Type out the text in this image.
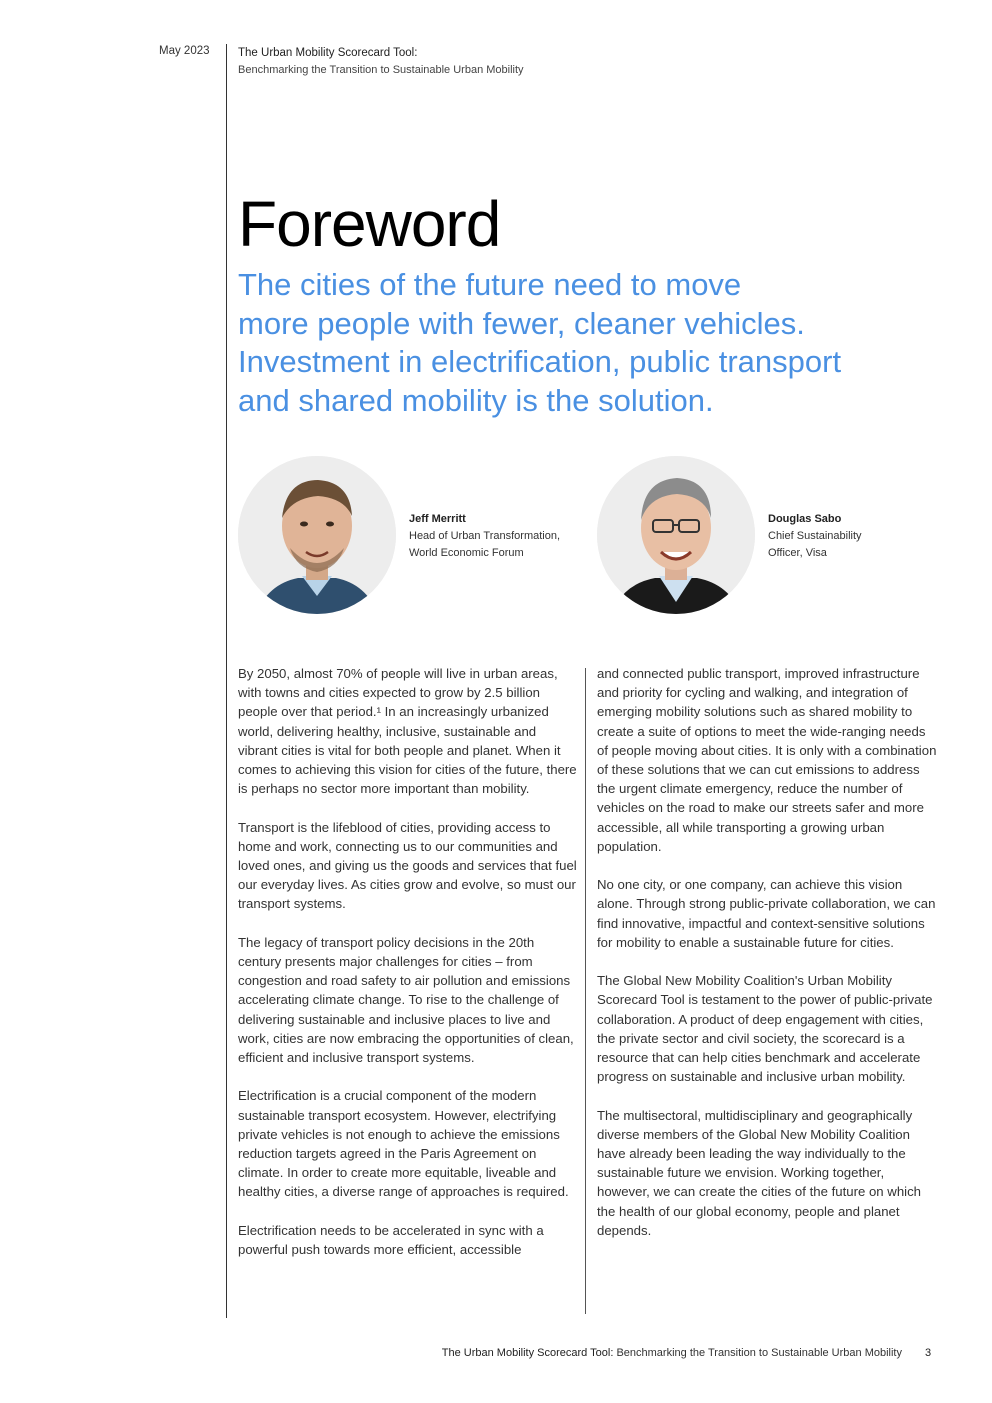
May 2023 The Urban Mobility Scorecard Tool:
Benchmarking the Transition to Sustainable Urban Mobility
Foreword
The cities of the future need to move
more people with fewer, cleaner vehicles.
Investment in electrification, public transport
and shared mobility is the solution.
Jeff Merritt
Head of Urban Transformation,
World Economic Forum
Douglas Sabo
Chief Sustainability
Officer, Visa

By 2050, almost 70% of people will live in urban areas, with towns and cities expected to grow by 2.5 billion people over that period.¹ In an increasingly urbanized world, delivering healthy, inclusive, sustainable and vibrant cities is vital for both people and planet. When it comes to achieving this vision for cities of the future, there is perhaps no sector more important than mobility.

Transport is the lifeblood of cities, providing access to home and work, connecting us to our communities and loved ones, and giving us the goods and services that fuel our everyday lives. As cities grow and evolve, so must our transport systems.

The legacy of transport policy decisions in the 20th century presents major challenges for cities – from congestion and road safety to air pollution and emissions accelerating climate change. To rise to the challenge of delivering sustainable and inclusive places to live and work, cities are now embracing the opportunities of clean, efficient and inclusive transport systems.

Electrification is a crucial component of the modern sustainable transport ecosystem. However, electrifying private vehicles is not enough to achieve the emissions reduction targets agreed in the Paris Agreement on climate. In order to create more equitable, liveable and healthy cities, a diverse range of approaches is required.

Electrification needs to be accelerated in sync with a powerful push towards more efficient, accessible

and connected public transport, improved infrastructure and priority for cycling and walking, and integration of emerging mobility solutions such as shared mobility to create a suite of options to meet the wide-ranging needs of people moving about cities. It is only with a combination of these solutions that we can cut emissions to address the urgent climate emergency, reduce the number of vehicles on the road to make our streets safer and more accessible, all while transporting a growing urban population.

No one city, or one company, can achieve this vision alone. Through strong public-private collaboration, we can find innovative, impactful and context-sensitive solutions for mobility to enable a sustainable future for cities.

The Global New Mobility Coalition's Urban Mobility Scorecard Tool is testament to the power of public-private collaboration. A product of deep engagement with cities, the private sector and civil society, the scorecard is a resource that can help cities benchmark and accelerate progress on sustainable and inclusive urban mobility.

The multisectoral, multidisciplinary and geographically diverse members of the Global New Mobility Coalition have already been leading the way individually to the sustainable future we envision. Working together, however, we can create the cities of the future on which the health of our global economy, people and planet depends.

The Urban Mobility Scorecard Tool: Benchmarking the Transition to Sustainable Urban Mobility 3
